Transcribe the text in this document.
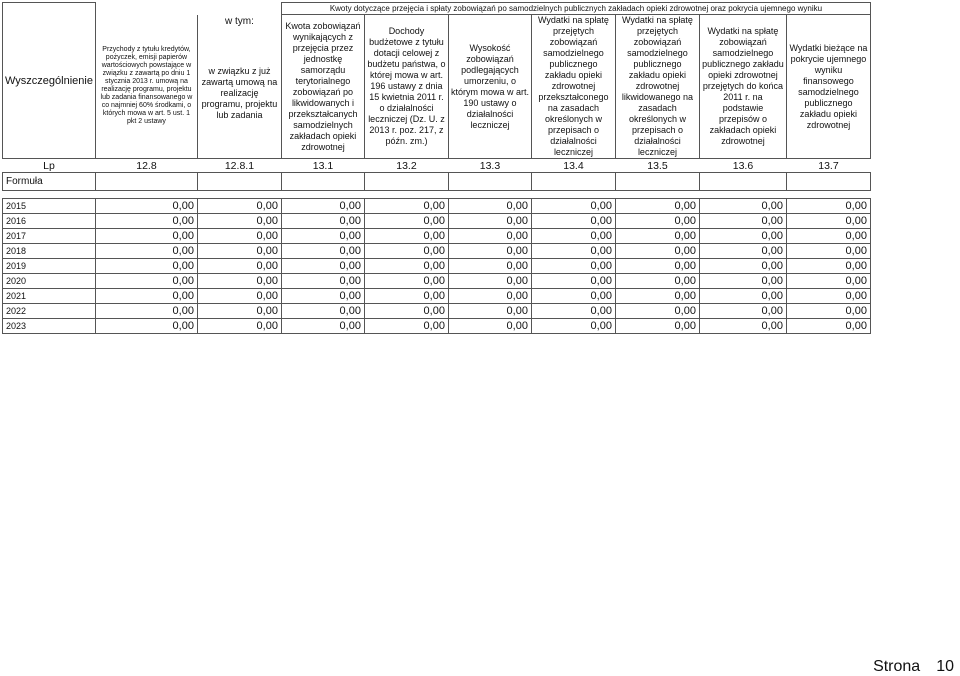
Wyszczególnienie			Kwoty dotyczące przejęcia i spłaty zobowiązań po samodzielnych publicznych zakładach opieki zdrowotnej oraz pokrycia ujemnego wyniku						
	Przychody z tytułu kredytów, pożyczek, emisji papierów wartościowych powstające w związku z zawartą po dniu 1 stycznia 2013 r. umową na realizację programu, projektu lub zadania finansowanego w co najmniej 60% środkami, o których mowa w art. 5 ust. 1 pkt 2 ustawy	w tym:	Kwota zobowiązań wynikających z przejęcia przez jednostkę samorządu terytorialnego zobowiązań po likwidowanych i przekształcanych samodzielnych zakładach opieki zdrowotnej	Dochody budżetowe z tytułu dotacji celowej z budżetu państwa, o której mowa w art. 196 ustawy z dnia 15 kwietnia 2011 r. o działalności leczniczej (Dz. U. z 2013 r. poz. 217, z późn. zm.)	Wysokość zobowiązań podlegających umorzeniu, o którym mowa w art. 190 ustawy o działalności leczniczej	Wydatki na spłatę przejętych zobowiązań samodzielnego publicznego zakładu opieki zdrowotnej przekształconego na zasadach określonych w przepisach o działalności leczniczej	Wydatki na spłatę przejętych zobowiązań samodzielnego publicznego zakładu opieki zdrowotnej likwidowanego na zasadach określonych w przepisach o działalności leczniczej	Wydatki na spłatę zobowiązań samodzielnego publicznego zakładu opieki zdrowotnej przejętych do końca 2011 r. na podstawie przepisów o zakładach opieki zdrowotnej	Wydatki bieżące na pokrycie ujemnego wyniku finansowego samodzielnego publicznego zakładu opieki zdrowotnej
		w związku z już zawartą umową na realizację programu, projektu lub zadania							
Lp	12.8	12.8.1	13.1	13.2	13.3	13.4	13.5	13.6	13.7
Formuła									

2015	0,00	0,00	0,00	0,00	0,00	0,00	0,00	0,00	0,00
2016	0,00	0,00	0,00	0,00	0,00	0,00	0,00	0,00	0,00
2017	0,00	0,00	0,00	0,00	0,00	0,00	0,00	0,00	0,00
2018	0,00	0,00	0,00	0,00	0,00	0,00	0,00	0,00	0,00
2019	0,00	0,00	0,00	0,00	0,00	0,00	0,00	0,00	0,00
2020	0,00	0,00	0,00	0,00	0,00	0,00	0,00	0,00	0,00
2021	0,00	0,00	0,00	0,00	0,00	0,00	0,00	0,00	0,00
2022	0,00	0,00	0,00	0,00	0,00	0,00	0,00	0,00	0,00
2023	0,00	0,00	0,00	0,00	0,00	0,00	0,00	0,00	0,00
Strona 10
